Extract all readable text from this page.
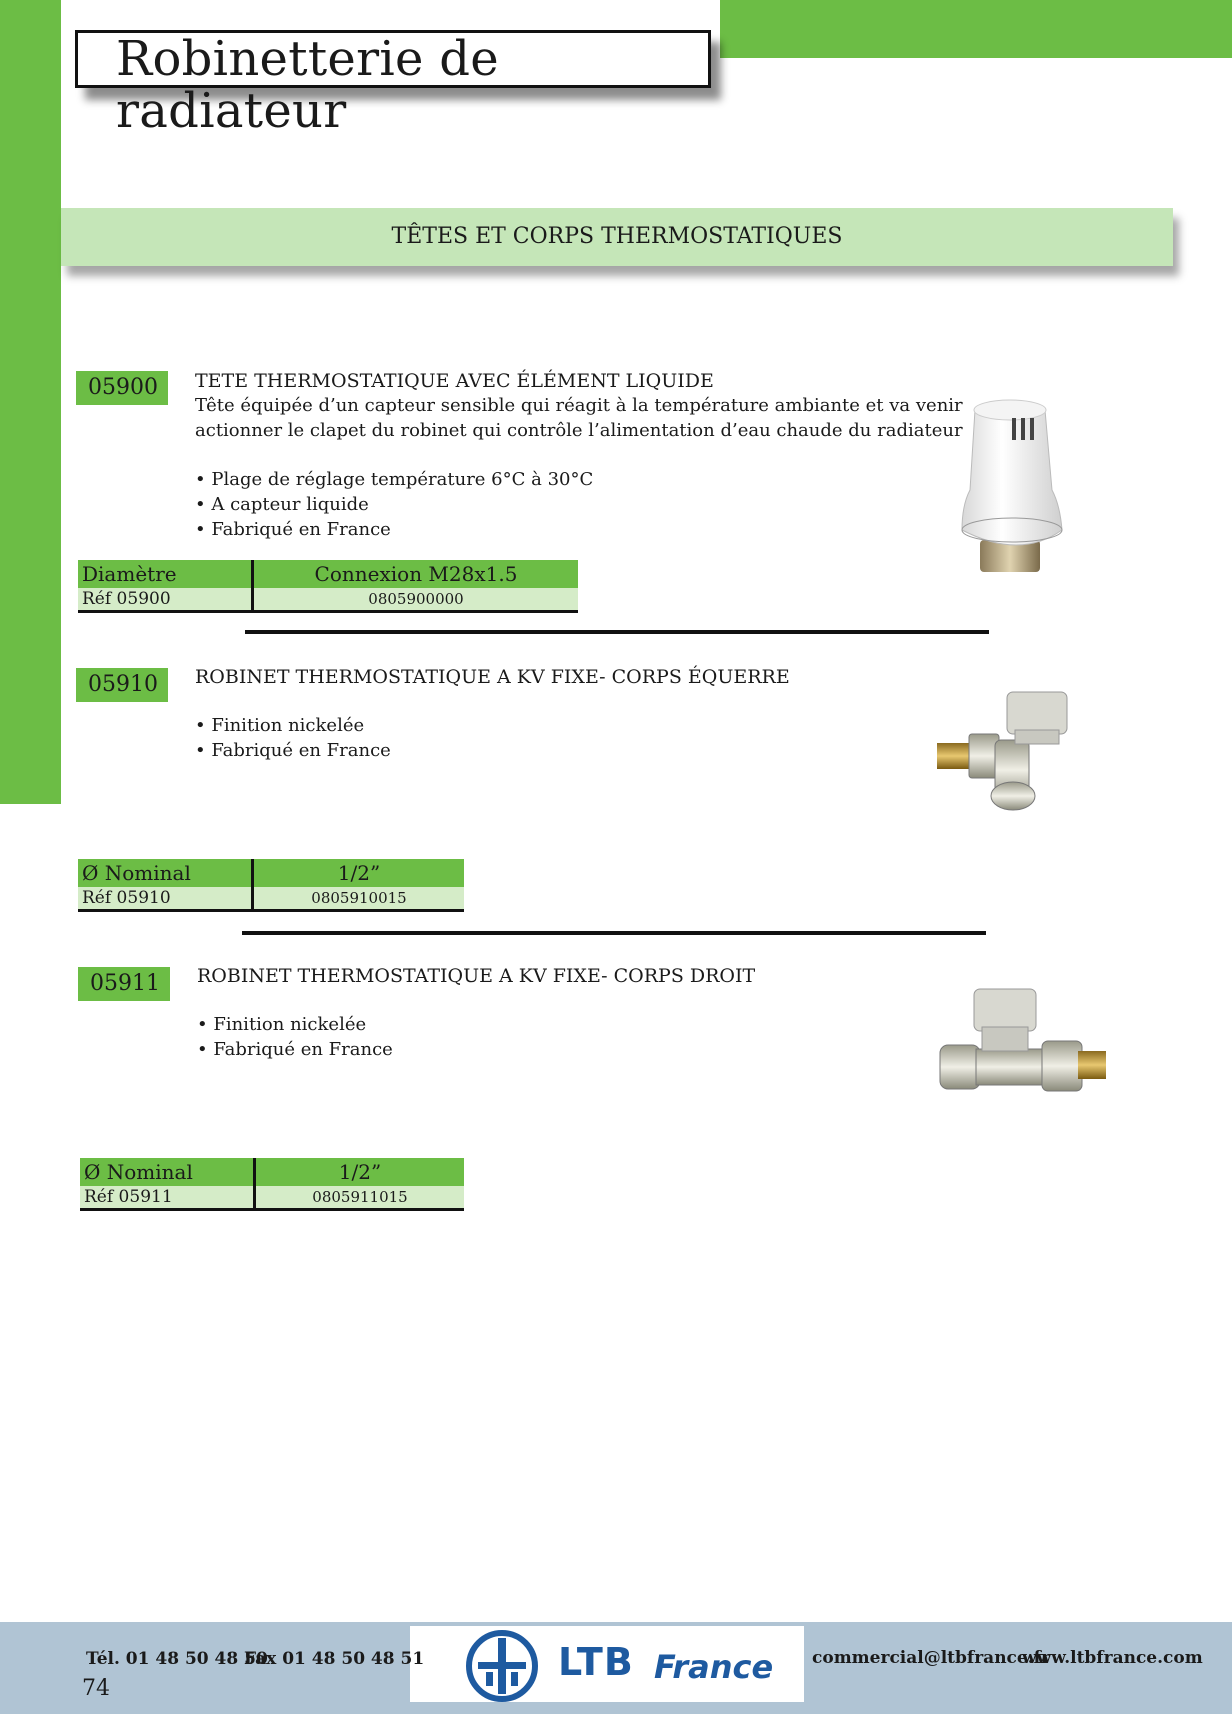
Robinetterie de radiateur
TÊTES ET CORPS THERMOSTATIQUES
05900	TETE THERMOSTATIQUE AVEC ÉLÉMENT LIQUIDE
Tête équipée d’un capteur sensible qui réagit à la température ambiante et va venir
actionner le clapet du robinet qui contrôle l’alimentation d’eau chaude du radiateur
• Plage de réglage température 6°C à 30°C
• A capteur liquide
• Fabriqué en France
Diamètre	Connexion M28x1.5
Réf 05900	0805900000
05910	ROBINET THERMOSTATIQUE A KV FIXE- CORPS ÉQUERRE
• Finition nickelée
• Fabriqué en France
Ø Nominal	1/2”
Réf 05910	0805910015
05911	ROBINET THERMOSTATIQUE A KV FIXE- CORPS DROIT
• Finition nickelée
• Fabriqué en France
Ø Nominal	1/2”
Réf 05911	0805911015
Tél. 01 48 50 48 50
Fax 01 48 50 48 51
74
LTB France commercial@ltbfrance.fr
www.ltbfrance.com
